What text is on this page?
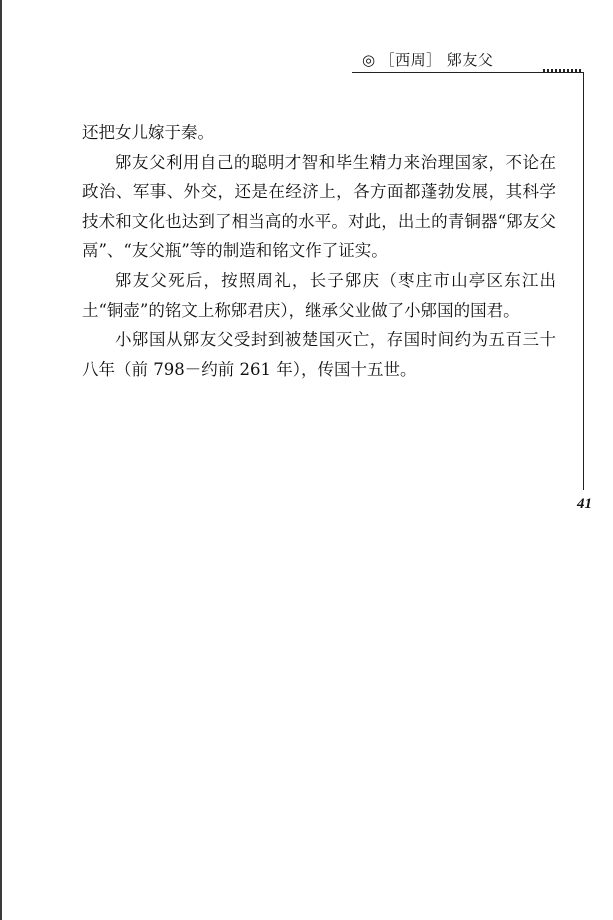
◎ ［西周］ 郳友父

还把女儿嫁于秦。

郳友父利用自己的聪明才智和毕生精力来治理国家，不论在政治、军事、外交，还是在经济上，各方面都蓬勃发展，其科学技术和文化也达到了相当高的水平。对此，出土的青铜器“郳友父鬲”、“友父瓶”等的制造和铭文作了证实。

郳友父死后，按照周礼，长子郳庆（枣庄市山亭区东江出土“铜壶”的铭文上称郳君庆），继承父业做了小郳国的国君。

小郳国从郳友父受封到被楚国灭亡，存国时间约为五百三十八年（前 798－约前 261 年），传国十五世。

41
